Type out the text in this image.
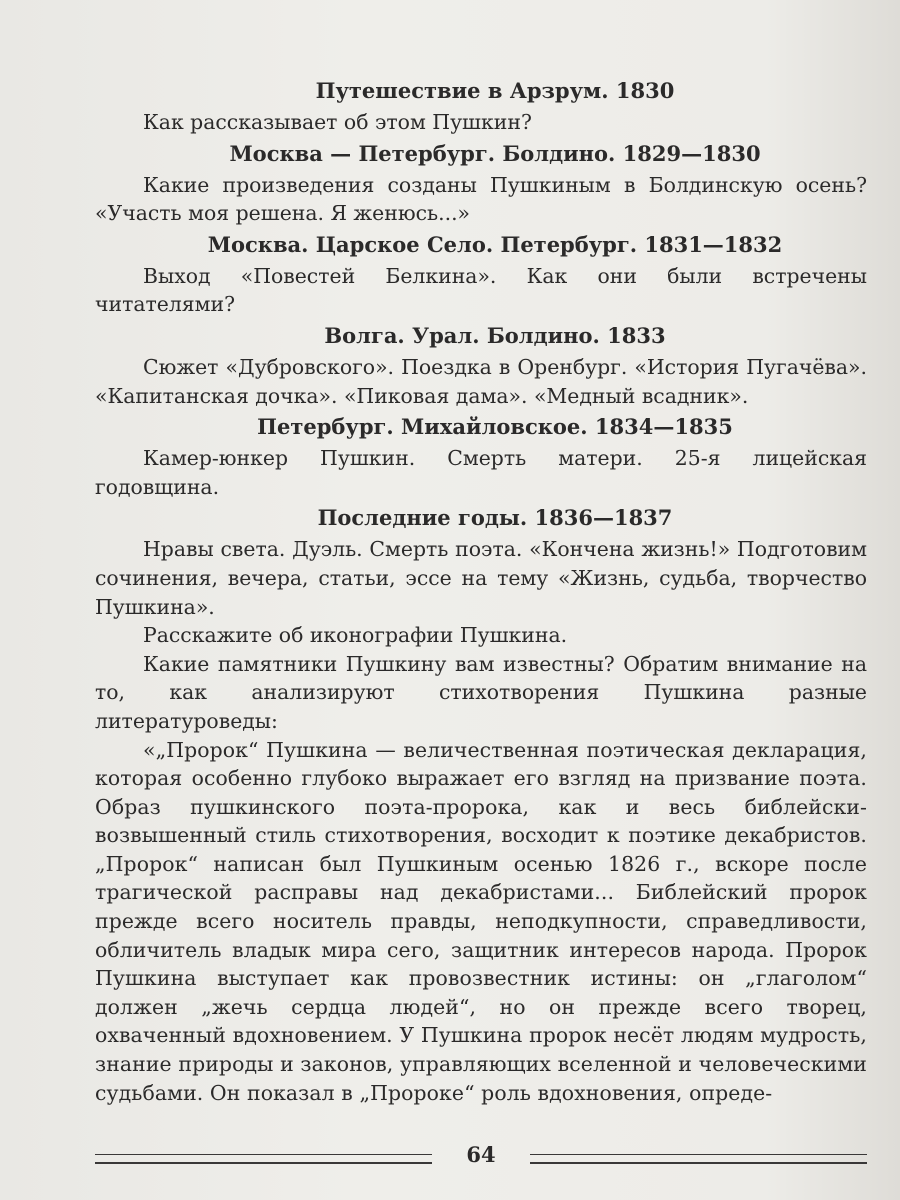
Путешествие в Арзрум. 1830

Как рассказывает об этом Пушкин?

Москва — Петербург. Болдино. 1829—1830

Какие произведения созданы Пушкиным в Болдинскую осень? «Участь моя решена. Я женюсь...»

Москва. Царское Село. Петербург. 1831—1832

Выход «Повестей Белкина». Как они были встречены читателями?

Волга. Урал. Болдино. 1833

Сюжет «Дубровского». Поездка в Оренбург. «История Пугачёва». «Капитанская дочка». «Пиковая дама». «Медный всадник».

Петербург. Михайловское. 1834—1835

Камер-юнкер Пушкин. Смерть матери. 25-я лицейская годовщина.

Последние годы. 1836—1837

Нравы света. Дуэль. Смерть поэта. «Кончена жизнь!» Подготовим сочинения, вечера, статьи, эссе на тему «Жизнь, судьба, творчество Пушкина».

Расскажите об иконографии Пушкина.

Какие памятники Пушкину вам известны? Обратим внимание на то, как анализируют стихотворения Пушкина разные литературоведы:

«„Пророк“ Пушкина — величественная поэтическая декларация, которая особенно глубоко выражает его взгляд на призвание поэта. Образ пушкинского поэта-пророка, как и весь библейски-возвышенный стиль стихотворения, восходит к поэтике декабристов. „Пророк“ написан был Пушкиным осенью 1826 г., вскоре после трагической расправы над декабристами... Библейский пророк прежде всего носитель правды, неподкупности, справедливости, обличитель владык мира сего, защитник интересов народа. Пророк Пушкина выступает как провозвестник истины: он „глаголом“ должен „жечь сердца людей“, но он прежде всего творец, охваченный вдохновением. У Пушкина пророк несёт людям мудрость, знание природы и законов, управляющих вселенной и человеческими судьбами. Он показал в „Пророке“ роль вдохновения, опреде-

64
